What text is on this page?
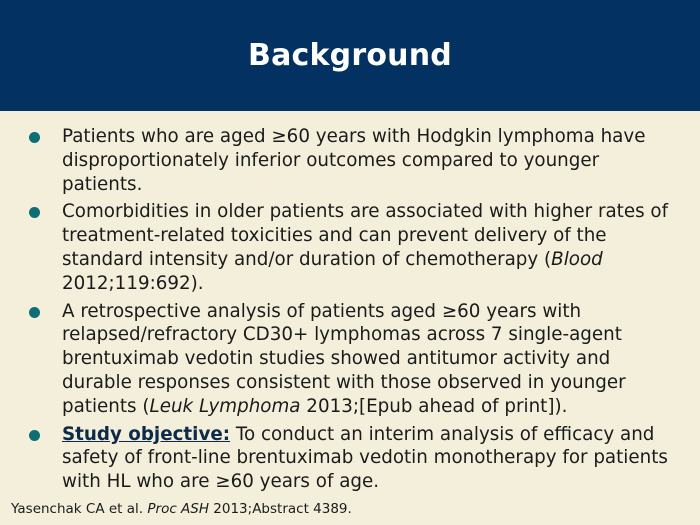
Background
Patients who are aged ≥60 years with Hodgkin lymphoma have disproportionately inferior outcomes compared to younger patients.
Comorbidities in older patients are associated with higher rates of treatment-related toxicities and can prevent delivery of the standard intensity and/or duration of chemotherapy (Blood 2012;119:692).
A retrospective analysis of patients aged ≥60 years with relapsed/refractory CD30+ lymphomas across 7 single-agent brentuximab vedotin studies showed antitumor activity and durable responses consistent with those observed in younger patients (Leuk Lymphoma 2013;[Epub ahead of print]).
Study objective: To conduct an interim analysis of efficacy and safety of front-line brentuximab vedotin monotherapy for patients with HL who are ≥60 years of age.
Yasenchak CA et al. Proc ASH 2013;Abstract 4389.
